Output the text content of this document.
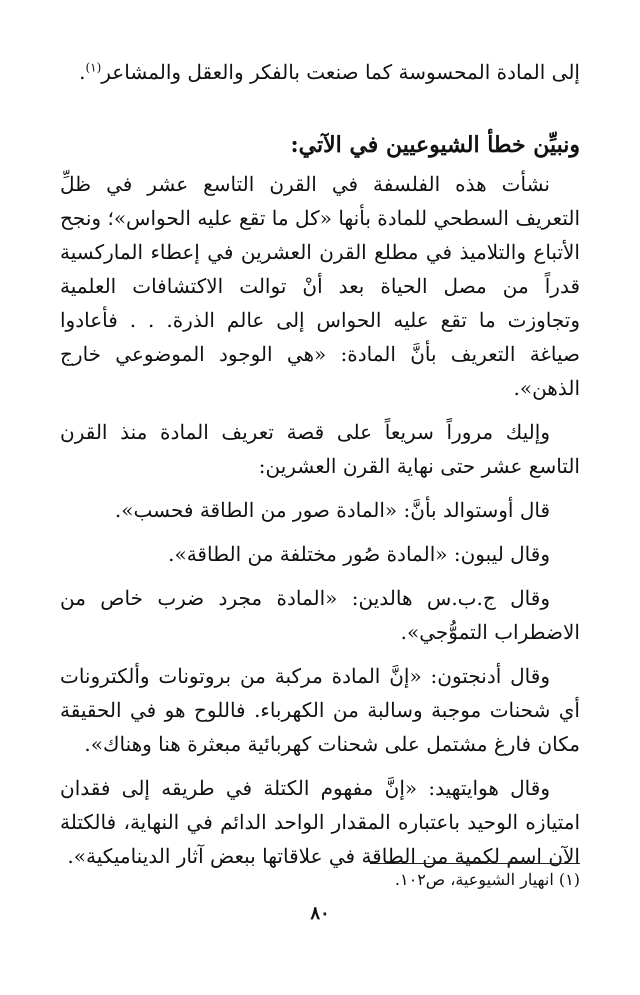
إلى المادة المحسوسة كما صنعت بالفكر والعقل والمشاعر$^{(١)}$.

ونبيِّن خطأ الشيوعيين في الآتي:

نشأت هذه الفلسفة في القرن التاسع عشر في ظلِّ التعريف السطحي للمادة بأنها «كل ما تقع عليه الحواس»؛ ونجح الأتباع والتلاميذ في مطلع القرن العشرين في إعطاء الماركسية قدراً من مصل الحياة بعد أنْ توالت الاكتشافات العلمية وتجاوزت ما تقع عليه الحواس إلى عالم الذرة. . . فأعادوا صياغة التعريف بأنَّ المادة: «هي الوجود الموضوعي خارج الذهن».

وإليك مروراً سريعاً على قصة تعريف المادة منذ القرن التاسع عشر حتى نهاية القرن العشرين:

قال أوستوالد بأنَّ: «المادة صور من الطاقة فحسب».

وقال ليبون: «المادة صُور مختلفة من الطاقة».

وقال ج.ب.س هالدين: «المادة مجرد ضرب خاص من الاضطراب التموُّجي».

وقال أدنجتون: «إنَّ المادة مركبة من بروتونات وألكترونات أي شحنات موجبة وسالبة من الكهرباء. فاللوح هو في الحقيقة مكان فارغ مشتمل على شحنات كهربائية مبعثرة هنا وهناك».

وقال هوايتهيد: «إنَّ مفهوم الكتلة في طريقه إلى فقدان امتيازه الوحيد باعتباره المقدار الواحد الدائم في النهاية، فالكتلة الآن اسم لكمية من الطاقة في علاقاتها ببعض آثار الديناميكية».

(١) انهيار الشيوعية، ص١٠٢.
٨٠
